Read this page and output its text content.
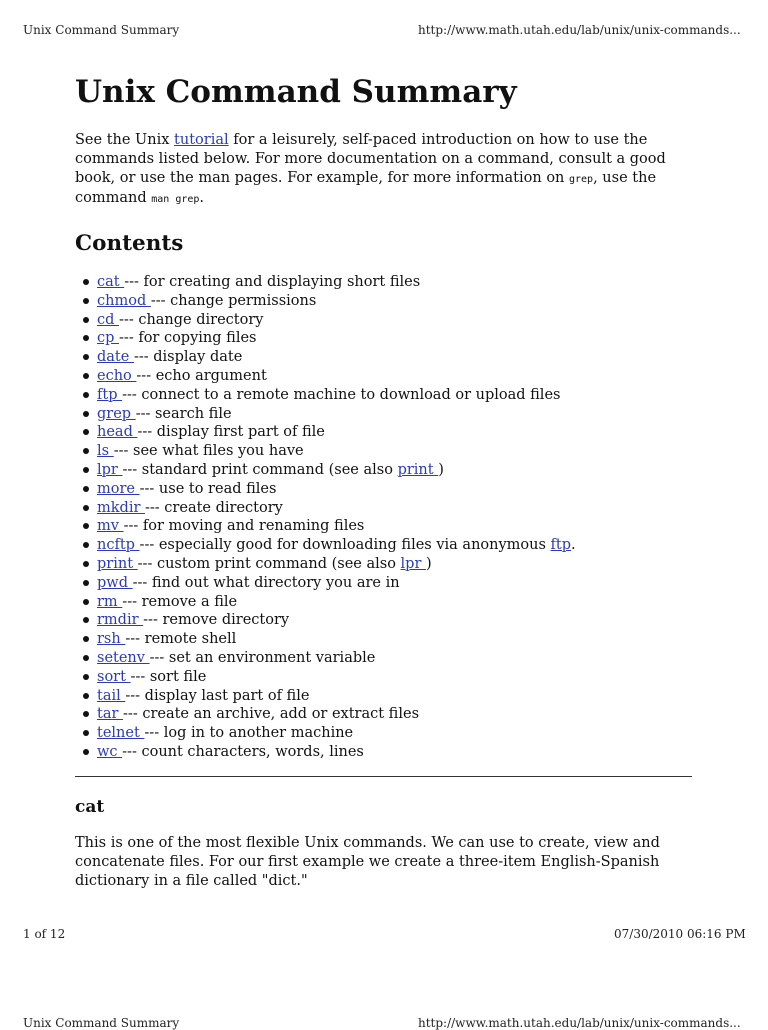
Unix Command Summary	http://www.math.utah.edu/lab/unix/unix-commands...
Unix Command Summary

See the Unix tutorial for a leisurely, self-paced introduction on how to use the commands listed below. For more documentation on a command, consult a good book, or use the man pages. For example, for more information on grep, use the command man grep.

Contents
cat --- for creating and displaying short files
chmod --- change permissions
cd --- change directory
cp --- for copying files
date --- display date
echo --- echo argument
ftp --- connect to a remote machine to download or upload files
grep --- search file
head --- display first part of file
ls --- see what files you have
lpr --- standard print command (see also print )
more --- use to read files
mkdir --- create directory
mv --- for moving and renaming files
ncftp --- especially good for downloading files via anonymous ftp.
print --- custom print command (see also lpr )
pwd --- find out what directory you are in
rm --- remove a file
rmdir --- remove directory
rsh --- remote shell
setenv --- set an environment variable
sort --- sort file
tail --- display last part of file
tar --- create an archive, add or extract files
telnet --- log in to another machine
wc --- count characters, words, lines
cat

This is one of the most flexible Unix commands. We can use to create, view and concatenate files. For our first example we create a three-item English-Spanish dictionary in a file called "dict."

1 of 12	07/30/2010 06:16 PM
Unix Command Summary	http://www.math.utah.edu/lab/unix/unix-commands...
